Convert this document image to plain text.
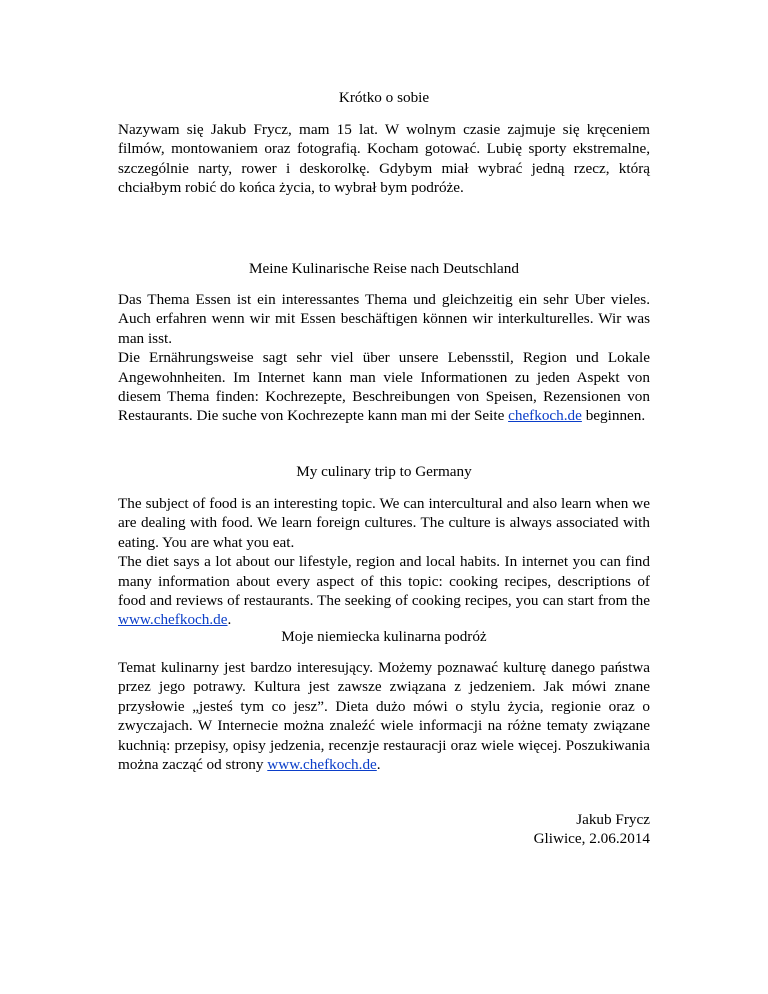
Krótko o sobie

Nazywam się Jakub Frycz, mam 15 lat. W wolnym czasie zajmuje się kręceniem filmów, montowaniem oraz fotografią. Kocham gotować. Lubię sporty ekstremalne, szczególnie narty, rower i deskorolkę. Gdybym miał wybrać jedną rzecz, którą chciałbym robić do końca życia, to wybrał bym podróże.

Meine Kulinarische Reise nach Deutschland

Das Thema Essen ist ein interessantes Thema und gleichzeitig ein sehr Uber vieles. Auch erfahren wenn wir mit Essen beschäftigen können wir interkulturelles. Wir was man isst.

Die Ernährungsweise sagt sehr viel über unsere Lebensstil, Region und Lokale Angewohnheiten. Im Internet kann man viele Informationen zu jeden Aspekt von diesem Thema finden: Kochrezepte, Beschreibungen von Speisen, Rezensionen von Restaurants. Die suche von Kochrezepte kann man mi der Seite chefkoch.de beginnen.

My culinary trip to Germany

The subject of food is an interesting topic. We can intercultural and also learn when we are dealing with food. We learn foreign cultures. The culture is always associated with eating. You are what you eat.

The diet says a lot about our lifestyle, region and local habits. In internet you can find many information about every aspect of this topic: cooking recipes, descriptions of food and reviews of restaurants. The seeking of cooking recipes, you can start from the www.chefkoch.de.

Moje niemiecka kulinarna podróż

Temat kulinarny jest bardzo interesujący. Możemy poznawać kulturę danego państwa przez jego potrawy. Kultura jest zawsze związana z jedzeniem. Jak mówi znane przysłowie „jesteś tym co jesz”. Dieta dużo mówi o stylu życia, regionie oraz o zwyczajach. W Internecie można znaleźć wiele informacji na różne tematy związane kuchnią: przepisy, opisy jedzenia, recenzje restauracji oraz wiele więcej. Poszukiwania można zacząć od strony www.chefkoch.de.

Jakub Frycz
Gliwice, 2.06.2014
